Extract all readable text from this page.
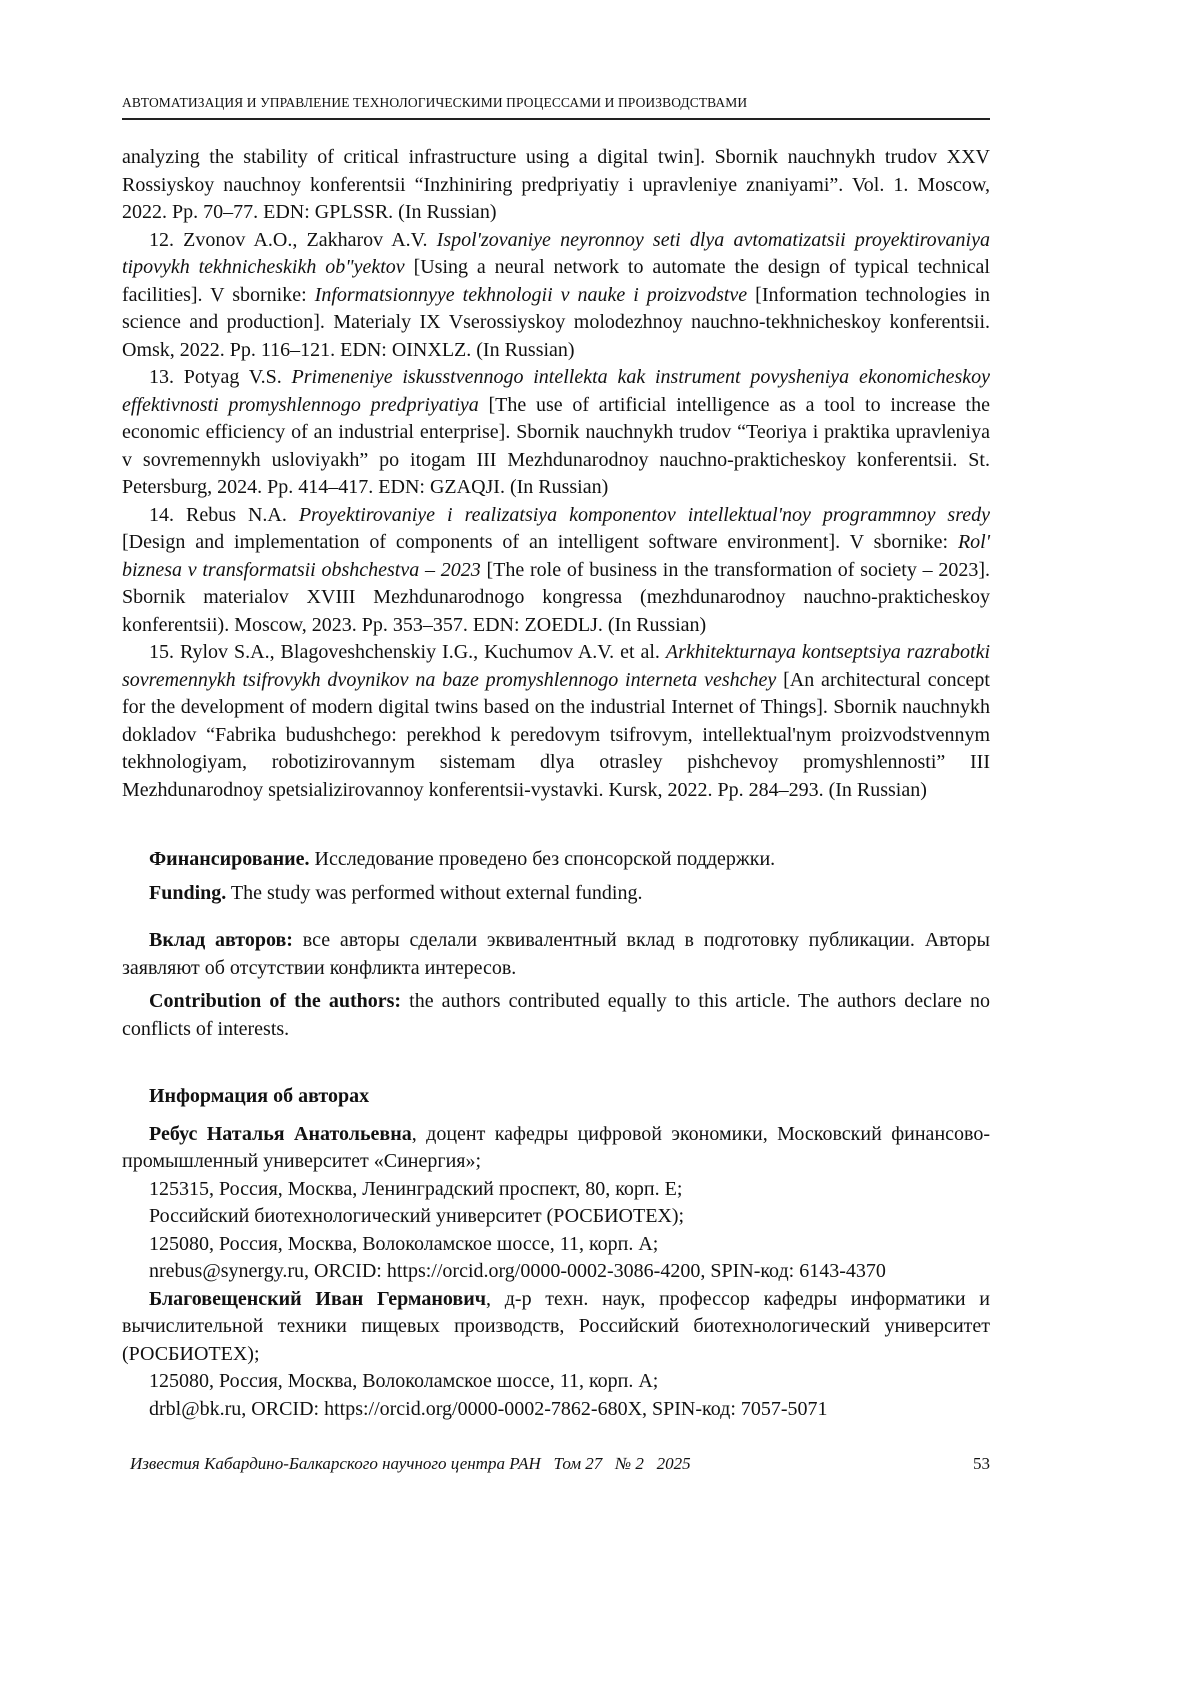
АВТОМАТИЗАЦИЯ И УПРАВЛЕНИЕ ТЕХНОЛОГИЧЕСКИМИ ПРОЦЕССАМИ И ПРОИЗВОДСТВАМИ

analyzing the stability of critical infrastructure using a digital twin]. Sbornik nauchnykh trudov XXV Rossiyskoy nauchnoy konferentsii “Inzhiniring predpriyatiy i upravleniye znaniyami”. Vol. 1. Moscow, 2022. Pp. 70–77. EDN: GPLSSR. (In Russian)

12. Zvonov A.O., Zakharov A.V. Ispol'zovaniye neyronnoy seti dlya avtomatizatsii proyektirovaniya tipovykh tekhnicheskikh ob"yektov [Using a neural network to automate the design of typical technical facilities]. V sbornike: Informatsionnyye tekhnologii v nauke i proizvodstve [Information technologies in science and production]. Materialy IX Vserossiyskoy molodezhnoy nauchno-tekhnicheskoy konferentsii. Omsk, 2022. Pp. 116–121. EDN: OINXLZ. (In Russian)

13. Potyag V.S. Primeneniye iskusstvennogo intellekta kak instrument povysheniya ekonomicheskoy effektivnosti promyshlennogo predpriyatiya [The use of artificial intelligence as a tool to increase the economic efficiency of an industrial enterprise]. Sbornik nauchnykh trudov “Teoriya i praktika upravleniya v sovremennykh usloviyakh” po itogam III Mezhdunarodnoy nauchno-prakticheskoy konferentsii. St. Petersburg, 2024. Pp. 414–417. EDN: GZAQJI. (In Russian)

14. Rebus N.A. Proyektirovaniye i realizatsiya komponentov intellektual'noy programmnoy sredy [Design and implementation of components of an intelligent software environment]. V sbornike: Rol' biznesa v transformatsii obshchestva – 2023 [The role of business in the transformation of society – 2023]. Sbornik materialov XVIII Mezhdunarodnogo kongressa (mezhdunarodnoy nauchno-prakticheskoy konferentsii). Moscow, 2023. Pp. 353–357. EDN: ZOEDLJ. (In Russian)

15. Rylov S.A., Blagoveshchenskiy I.G., Kuchumov A.V. et al. Arkhitekturnaya kontseptsiya razrabotki sovremennykh tsifrovykh dvoynikov na baze promyshlennogo interneta veshchey [An architectural concept for the development of modern digital twins based on the industrial Internet of Things]. Sbornik nauchnykh dokladov “Fabrika budushchego: perekhod k peredovym tsifrovym, intellektual'nym proizvodstvennym tekhnologiyam, robotizirovannym sistemam dlya otrasley pishchevoy promyshlennosti” III Mezhdunarodnoy spetsializirovannoy konferentsii-vystavki. Kursk, 2022. Pp. 284–293. (In Russian)

Финансирование. Исследование проведено без спонсорской поддержки.

Funding. The study was performed without external funding.

Вклад авторов: все авторы сделали эквивалентный вклад в подготовку публикации. Авторы заявляют об отсутствии конфликта интересов.

Contribution of the authors: the authors contributed equally to this article. The authors declare no conflicts of interests.

Информация об авторах

Ребус Наталья Анатольевна, доцент кафедры цифровой экономики, Московский финансово-промышленный университет «Синергия»;

125315, Россия, Москва, Ленинградский проспект, 80, корп. Е;

Российский биотехнологический университет (РОСБИОТЕХ);

125080, Россия, Москва, Волоколамское шоссе, 11, корп. А;

nrebus@synergy.ru, ORCID: https://orcid.org/0000-0002-3086-4200, SPIN-код: 6143-4370

Благовещенский Иван Германович, д-р техн. наук, профессор кафедры информатики и вычислительной техники пищевых производств, Российский биотехнологический университет (РОСБИОТЕХ);

125080, Россия, Москва, Волоколамское шоссе, 11, корп. А;

drbl@bk.ru, ORCID: https://orcid.org/0000-0002-7862-680X, SPIN-код: 7057-5071

Известия Кабардино-Балкарского научного центра РАН   Том 27   № 2   2025	53
